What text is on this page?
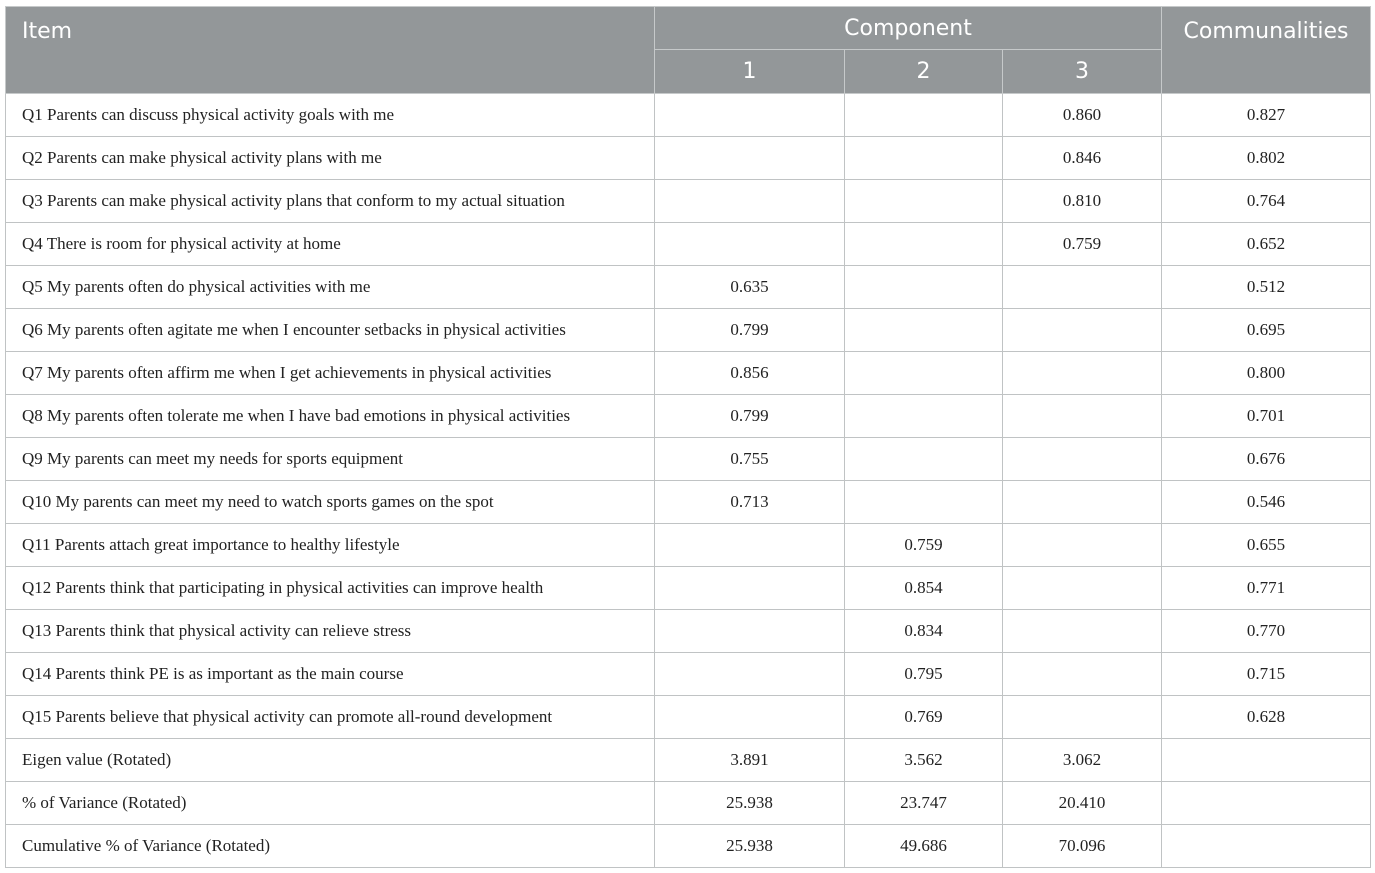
Item	Component			Communalities
	1	2	3	
Q1 Parents can discuss physical activity goals with me			0.860	0.827
Q2 Parents can make physical activity plans with me			0.846	0.802
Q3 Parents can make physical activity plans that conform to my actual situation			0.810	0.764
Q4 There is room for physical activity at home			0.759	0.652
Q5 My parents often do physical activities with me	0.635			0.512
Q6 My parents often agitate me when I encounter setbacks in physical activities	0.799			0.695
Q7 My parents often affirm me when I get achievements in physical activities	0.856			0.800
Q8 My parents often tolerate me when I have bad emotions in physical activities	0.799			0.701
Q9 My parents can meet my needs for sports equipment	0.755			0.676
Q10 My parents can meet my need to watch sports games on the spot	0.713			0.546
Q11 Parents attach great importance to healthy lifestyle		0.759		0.655
Q12 Parents think that participating in physical activities can improve health		0.854		0.771
Q13 Parents think that physical activity can relieve stress		0.834		0.770
Q14 Parents think PE is as important as the main course		0.795		0.715
Q15 Parents believe that physical activity can promote all-round development		0.769		0.628
Eigen value (Rotated)	3.891	3.562	3.062	
% of Variance (Rotated)	25.938	23.747	20.410	
Cumulative % of Variance (Rotated)	25.938	49.686	70.096	
